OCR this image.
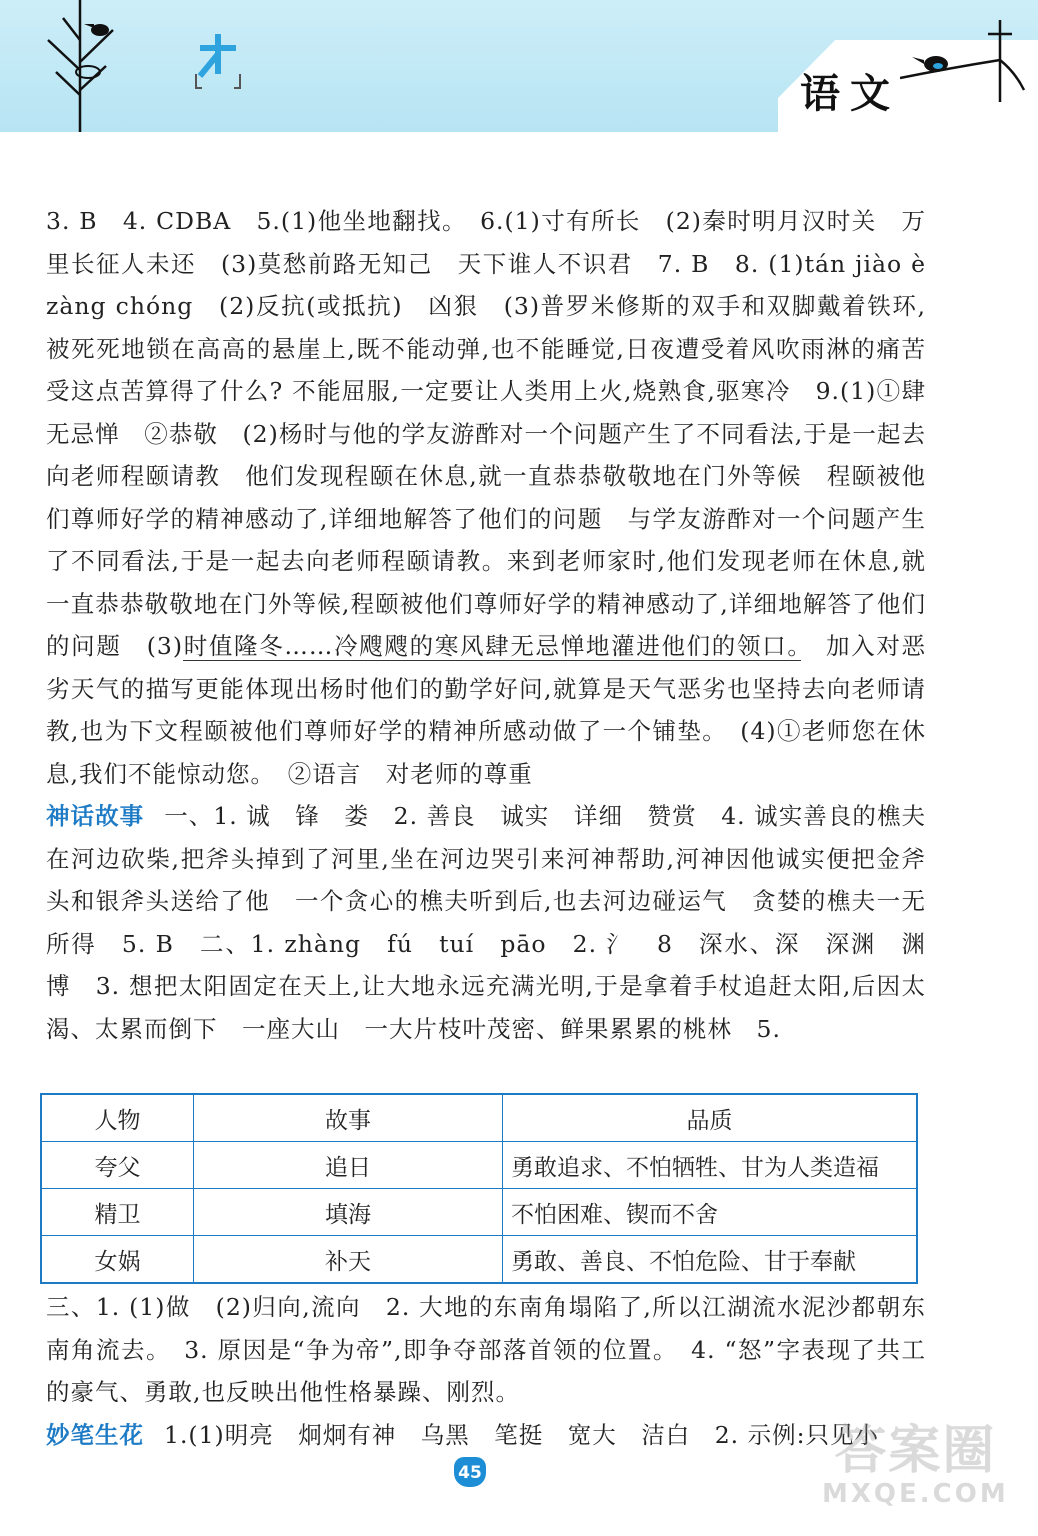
语文
3. B　4. CDBA　5.(1)他坐地翻找。　6.(1)寸有所长　(2)秦时明月汉时关　万里长征人未还　(3)莫愁前路无知己　天下谁人不识君　7. B　8. (1)tán jiào è zàng chóng　(2)反抗(或抵抗)　凶狠　(3)普罗米修斯的双手和双脚戴着铁环,被死死地锁在高高的悬崖上,既不能动弹,也不能睡觉,日夜遭受着风吹雨淋的痛苦　受这点苦算得了什么? 不能屈服,一定要让人类用上火,烧熟食,驱寒冷　9.(1)①肆无忌惮　②恭敬　(2)杨时与他的学友游酢对一个问题产生了不同看法,于是一起去向老师程颐请教　他们发现程颐在休息,就一直恭恭敬敬地在门外等候　程颐被他们尊师好学的精神感动了,详细地解答了他们的问题　与学友游酢对一个问题产生了不同看法,于是一起去向老师程颐请教。来到老师家时,他们发现老师在休息,就一直恭恭敬敬地在门外等候,程颐被他们尊师好学的精神感动了,详细地解答了他们的问题　(3)时值隆冬……冷飕飕的寒风肆无忌惮地灌进他们的领口。　加入对恶劣天气的描写更能体现出杨时他们的勤学好问,就算是天气恶劣也坚持去向老师请教,也为下文程颐被他们尊师好学的精神所感动做了一个铺垫。　(4)①老师您在休息,我们不能惊动您。　②语言　对老师的尊重
神话故事 一、1. 诚　锋　娄　2. 善良　诚实　详细　赞赏　4. 诚实善良的樵夫在河边砍柴,把斧头掉到了河里,坐在河边哭引来河神帮助,河神因他诚实便把金斧头和银斧头送给了他　一个贪心的樵夫听到后,也去河边碰运气　贪婪的樵夫一无所得　5. B　二、1. zhàng　fú　tuí　pāo　2. 氵　8　深水、深　深渊　渊博　3. 想把太阳固定在天上,让大地永远充满光明,于是拿着手杖追赶太阳,后因太渴、太累而倒下　一座大山　一大片枝叶茂密、鲜果累累的桃林　5.
人物	故事	品质
夸父	追日	勇敢追求、不怕牺牲、甘为人类造福
精卫	填海	不怕困难、锲而不舍
女娲	补天	勇敢、善良、不怕危险、甘于奉献
三、1. (1)做　(2)归向,流向　2. 大地的东南角塌陷了,所以江湖流水泥沙都朝东南角流去。　3. 原因是“争为帝”,即争夺部落首领的位置。　4. “怒”字表现了共工的豪气、勇敢,也反映出他性格暴躁、刚烈。
妙笔生花 1.(1)明亮　炯炯有神　乌黑　笔挺　宽大　洁白　2. 示例:只见小
45	答案圈
MXQE.COM
